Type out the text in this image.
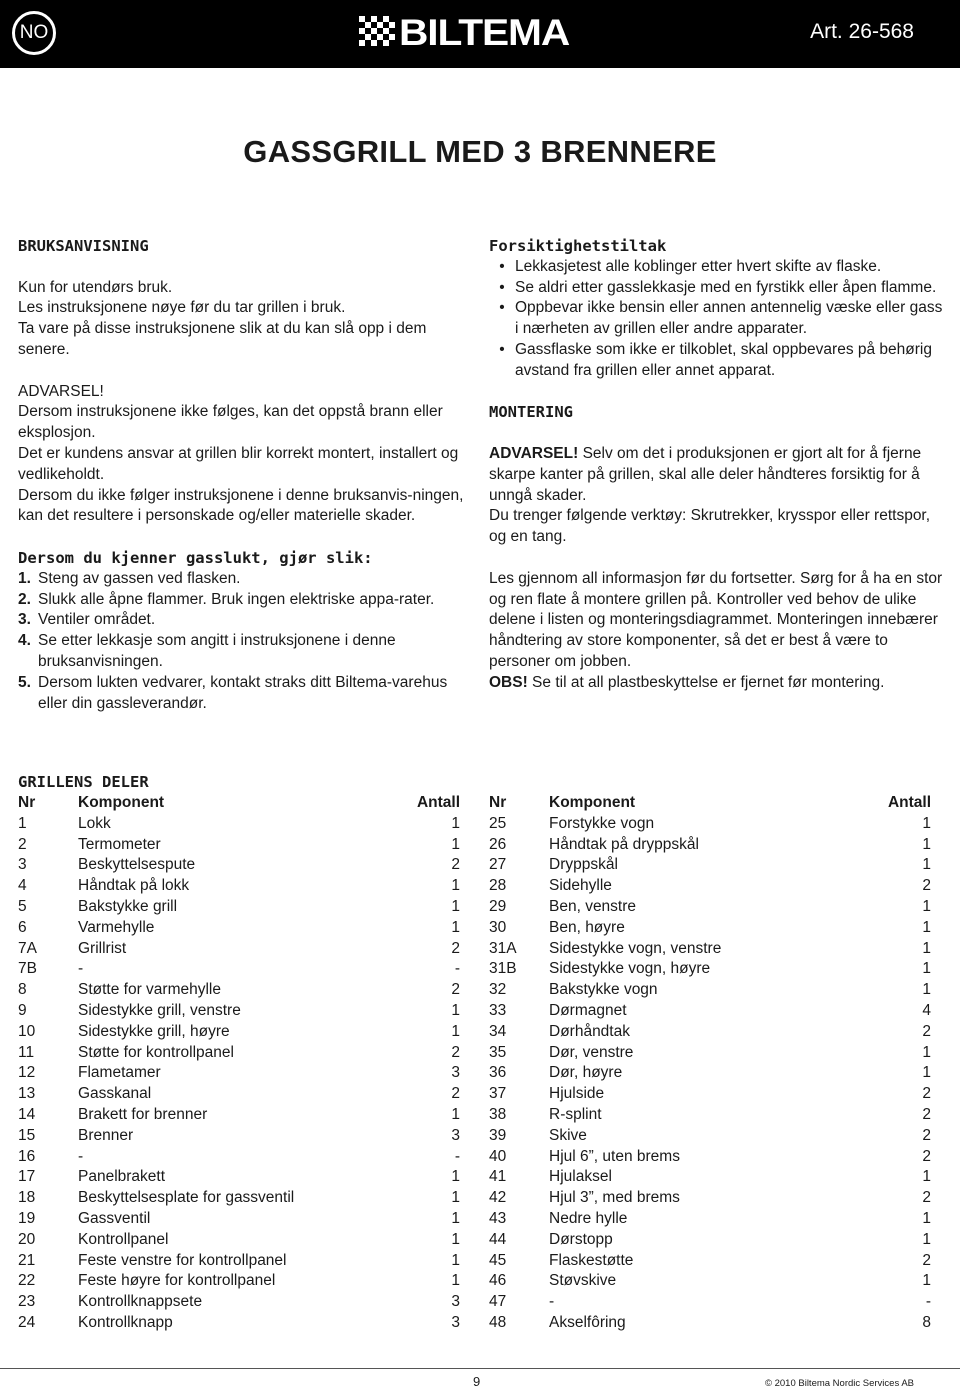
NO	BILTEMA	Art. 26-568
GASSGRILL MED 3 BRENNERE
BRUKSANVISNING

Kun for utendørs bruk.

Les instruksjonene nøye før du tar grillen i bruk.

Ta vare på disse instruksjonene slik at du kan slå opp i dem senere.

ADVARSEL!

Dersom instruksjonene ikke følges, kan det oppstå brann eller eksplosjon.

Det er kundens ansvar at grillen blir korrekt montert, installert og vedlikeholdt.

Dersom du ikke følger instruksjonene i denne bruksanvis-ningen, kan det resultere i personskade og/eller materielle skader.

Dersom du kjenner gasslukt, gjør slik:
1. Steng av gassen ved flasken.
2. Slukk alle åpne flammer. Bruk ingen elektriske appa-rater.
3. Ventiler området.
4. Se etter lekkasje som angitt i instruksjonene i denne bruksanvisningen.
5. Dersom lukten vedvarer, kontakt straks ditt Biltema-varehus eller din gassleverandør.
Forsiktighetstiltak
• Lekkasjetest alle koblinger etter hvert skifte av flaske.
• Se aldri etter gasslekkasje med en fyrstikk eller åpen flamme.
• Oppbevar ikke bensin eller annen antennelig væske eller gass i nærheten av grillen eller andre apparater.
• Gassflaske som ikke er tilkoblet, skal oppbevares på behørig avstand fra grillen eller annet apparat.
MONTERING

ADVARSEL! Selv om det i produksjonen er gjort alt for å fjerne skarpe kanter på grillen, skal alle deler håndteres forsiktig for å unngå skader.

Du trenger følgende verktøy: Skrutrekker, krysspor eller rettspor, og en tang.

Les gjennom all informasjon før du fortsetter. Sørg for å ha en stor og ren flate å montere grillen på. Kontroller ved behov de ulike delene i listen og monteringsdiagrammet. Monteringen innebærer håndtering av store komponenter, så det er best å være to personer om jobben.

OBS! Se til at all plastbeskyttelse er fjernet før montering.

GRILLENS DELER
Nr	Komponent	Antall
1	Lokk	1
2	Termometer	1
3	Beskyttelsespute	2
4	Håndtak på lokk	1
5	Bakstykke grill	1
6	Varmehylle	1
7A	Grillrist	2
7B	-	-
8	Støtte for varmehylle	2
9	Sidestykke grill, venstre	1
10	Sidestykke grill, høyre	1
11	Støtte for kontrollpanel	2
12	Flametamer	3
13	Gasskanal	2
14	Brakett for brenner	1
15	Brenner	3
16	-	-
17	Panelbrakett	1
18	Beskyttelsesplate for gassventil	1
19	Gassventil	1
20	Kontrollpanel	1
21	Feste venstre for kontrollpanel	1
22	Feste høyre for kontrollpanel	1
23	Kontrollknappsete	3
24	Kontrollknapp	3
Nr	Komponent	Antall
25	Forstykke vogn	1
26	Håndtak på dryppskål	1
27	Dryppskål	1
28	Sidehylle	2
29	Ben, venstre	1
30	Ben, høyre	1
31A	Sidestykke vogn, venstre	1
31B	Sidestykke vogn, høyre	1
32	Bakstykke vogn	1
33	Dørmagnet	4
34	Dørhåndtak	2
35	Dør, venstre	1
36	Dør, høyre	1
37	Hjulside	2
38	R-splint	2
39	Skive	2
40	Hjul 6”, uten brems	2
41	Hjulaksel	1
42	Hjul 3”, med brems	2
43	Nedre hylle	1
44	Dørstopp	1
45	Flaskestøtte	2
46	Støvskive	1
47	-	-
48	Akselfôring	8
9	© 2010 Biltema Nordic Services AB
